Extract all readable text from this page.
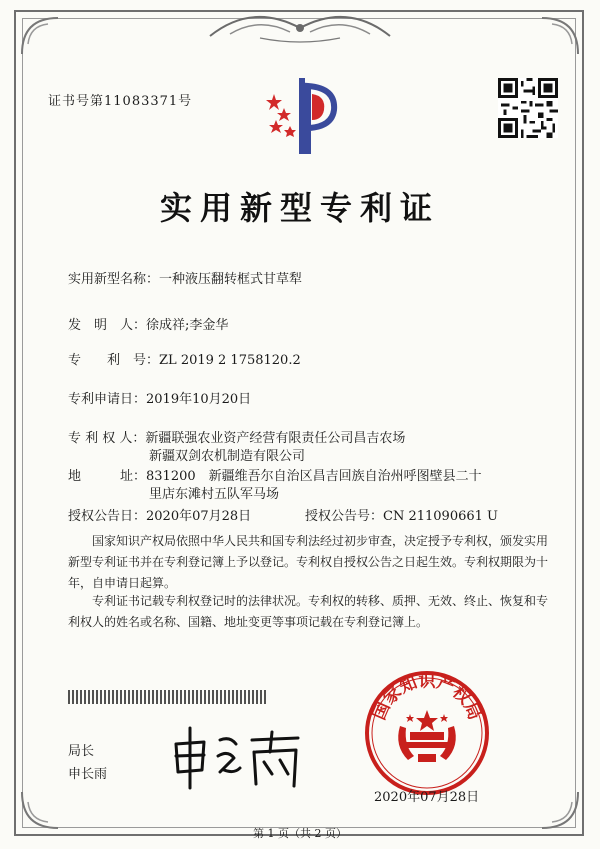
证书号第11083371号
实用新型专利证
实用新型名称：一种液压翻转框式甘草犁
发　明　人：徐成祥;李金华
专　　利　号：ZL 2019 2 1758120.2
专利申请日：2019年10月20日
专 利 权 人：新疆联强农业资产经营有限责任公司昌吉农场
新疆双剑农机制造有限公司
地　　　址：831200　新疆维吾尔自治区昌吉回族自治州呼图壁县二十
里店东滩村五队军马场
授权公告日：2020年07月28日	授权公告号：CN 211090661 U
国家知识产权局依照中华人民共和国专利法经过初步审查，决定授予专利权，颁发实用新型专利证书并在专利登记簿上予以登记。专利权自授权公告之日起生效。专利权期限为十年，自申请日起算。
专利证书记载专利权登记时的法律状况。专利权的转移、质押、无效、终止、恢复和专利权人的姓名或名称、国籍、地址变更等事项记载在专利登记簿上。
局长
申长雨
国家知识产权局
2020年07月28日
第 1 页（共 2 页）
